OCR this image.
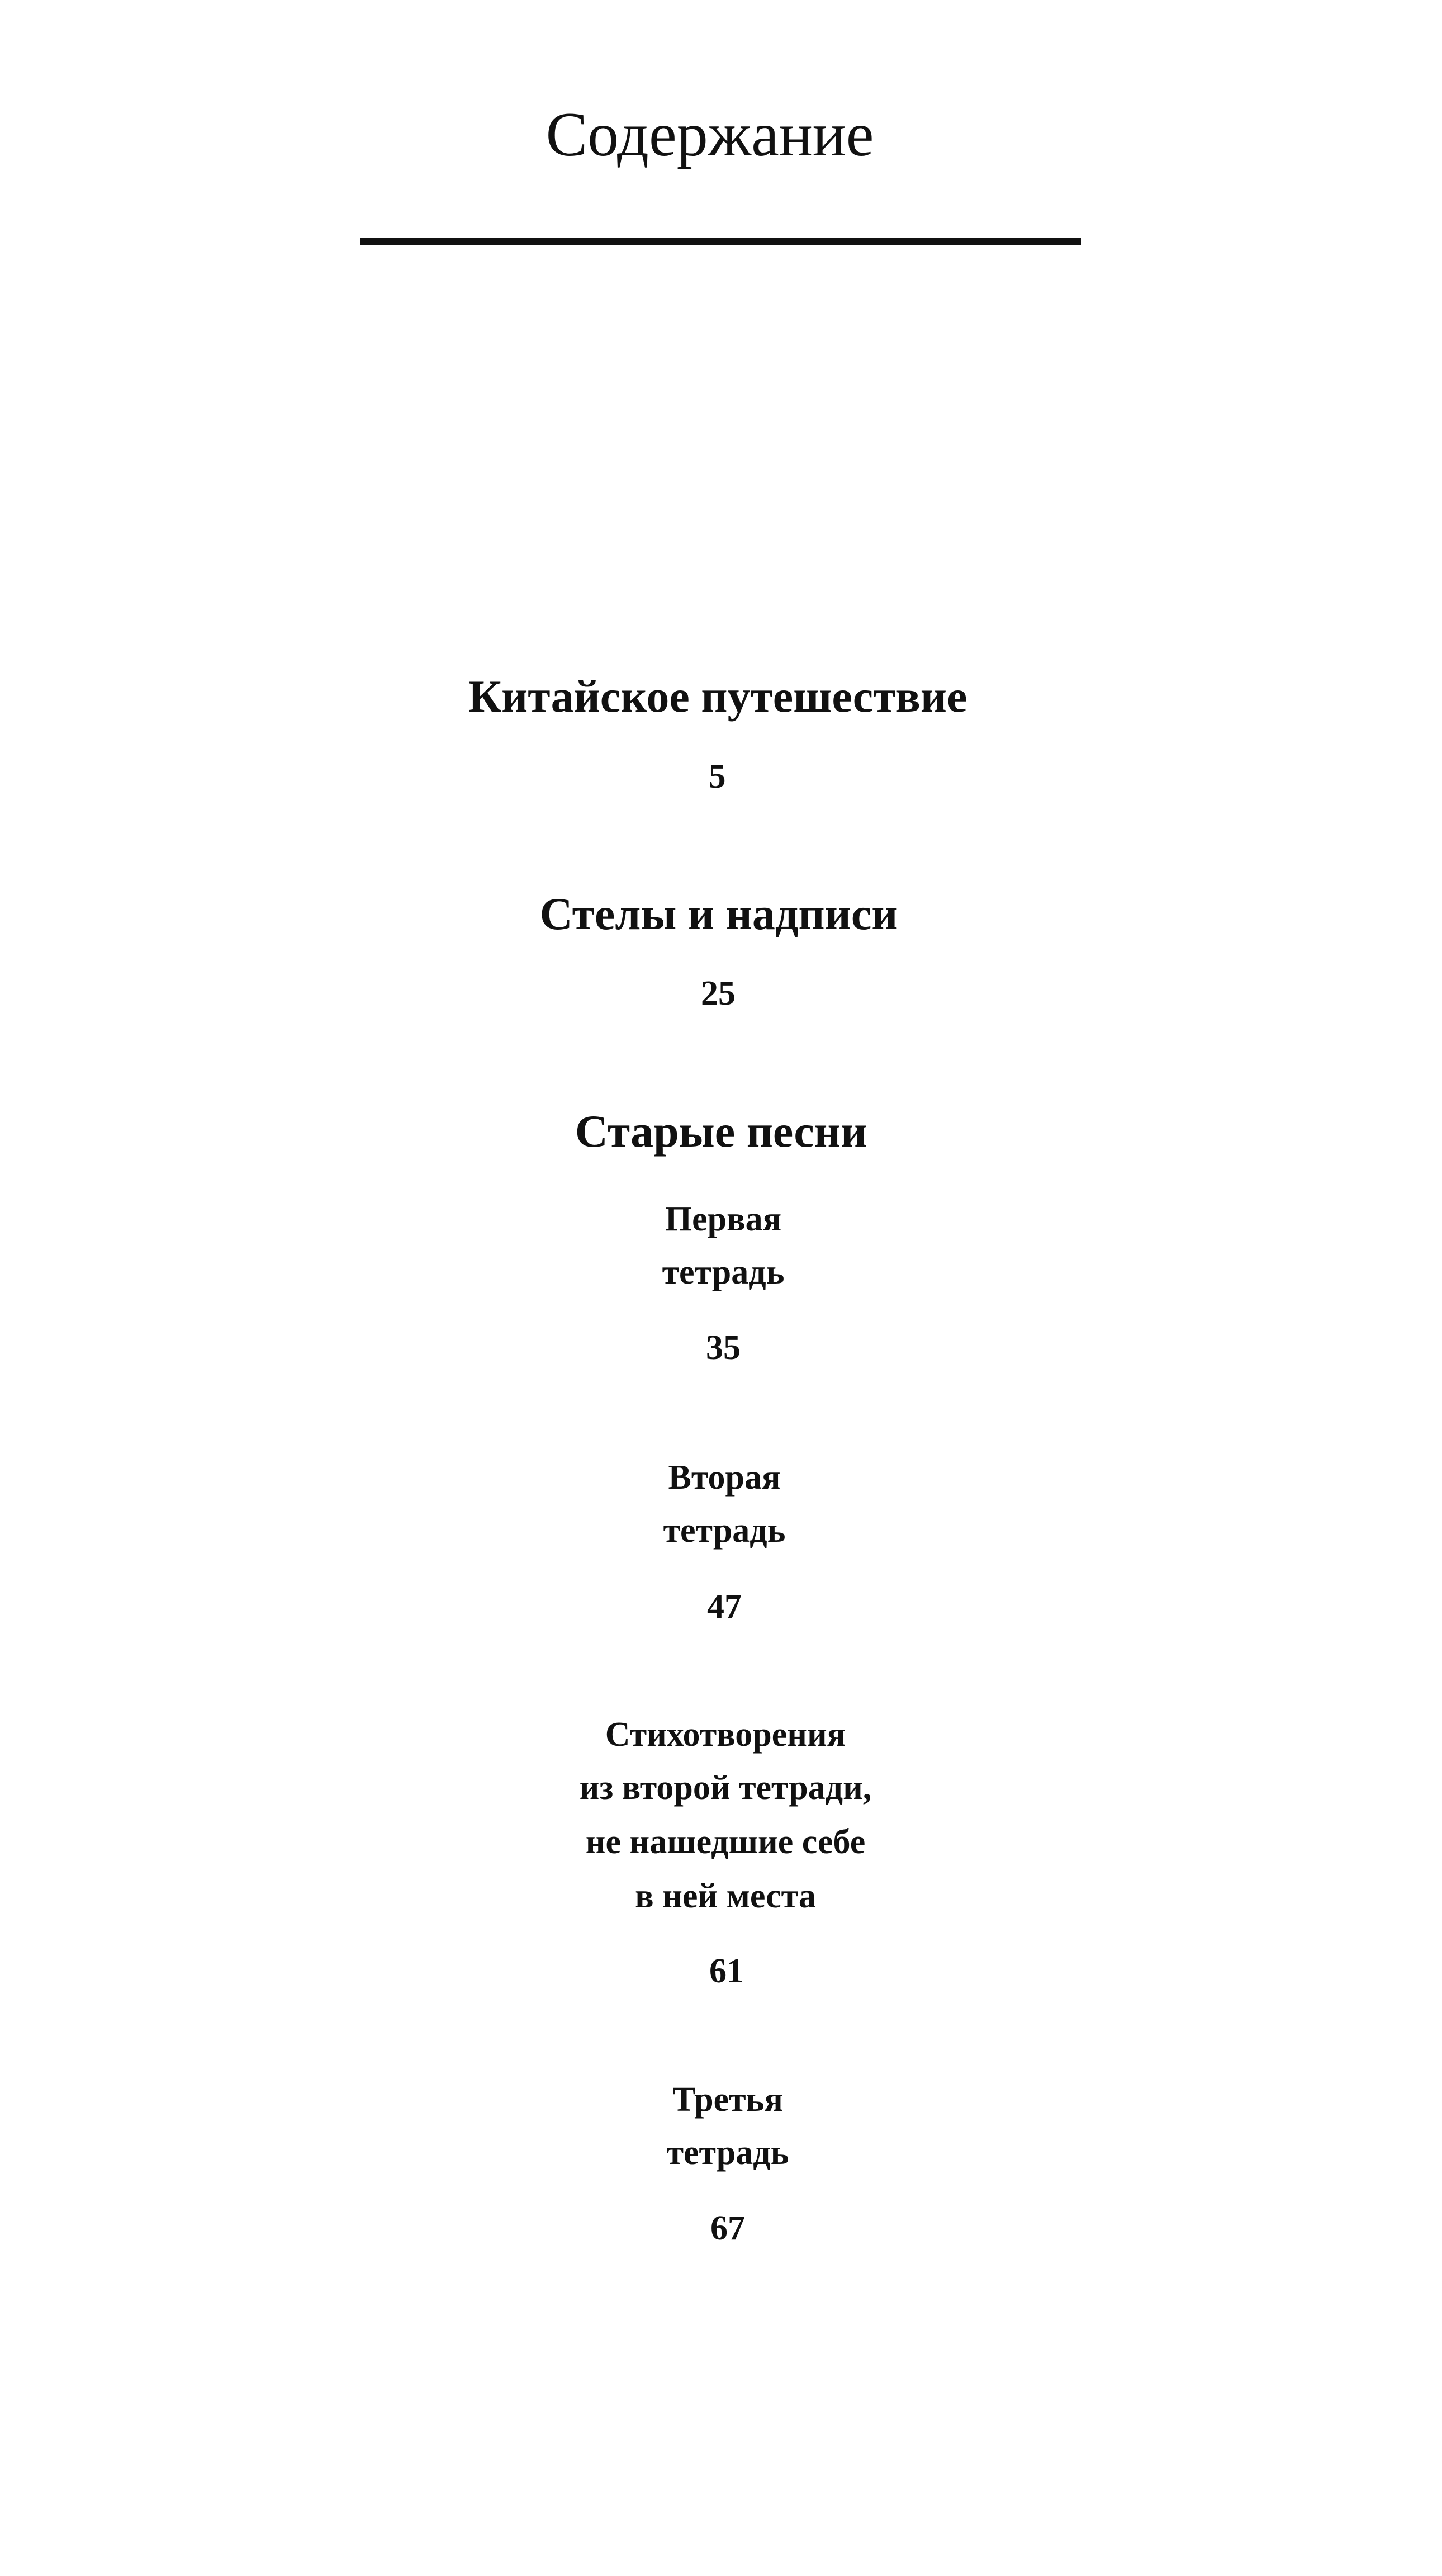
Содержание
Китайское путешествие
5
Стелы и надписи
25
Старые песни
Первая
тетрадь
35
Вторая
тетрадь
47
Стихотворения
из второй тетради,
не нашедшие себе
в ней места
61
Третья
тетрадь
67
